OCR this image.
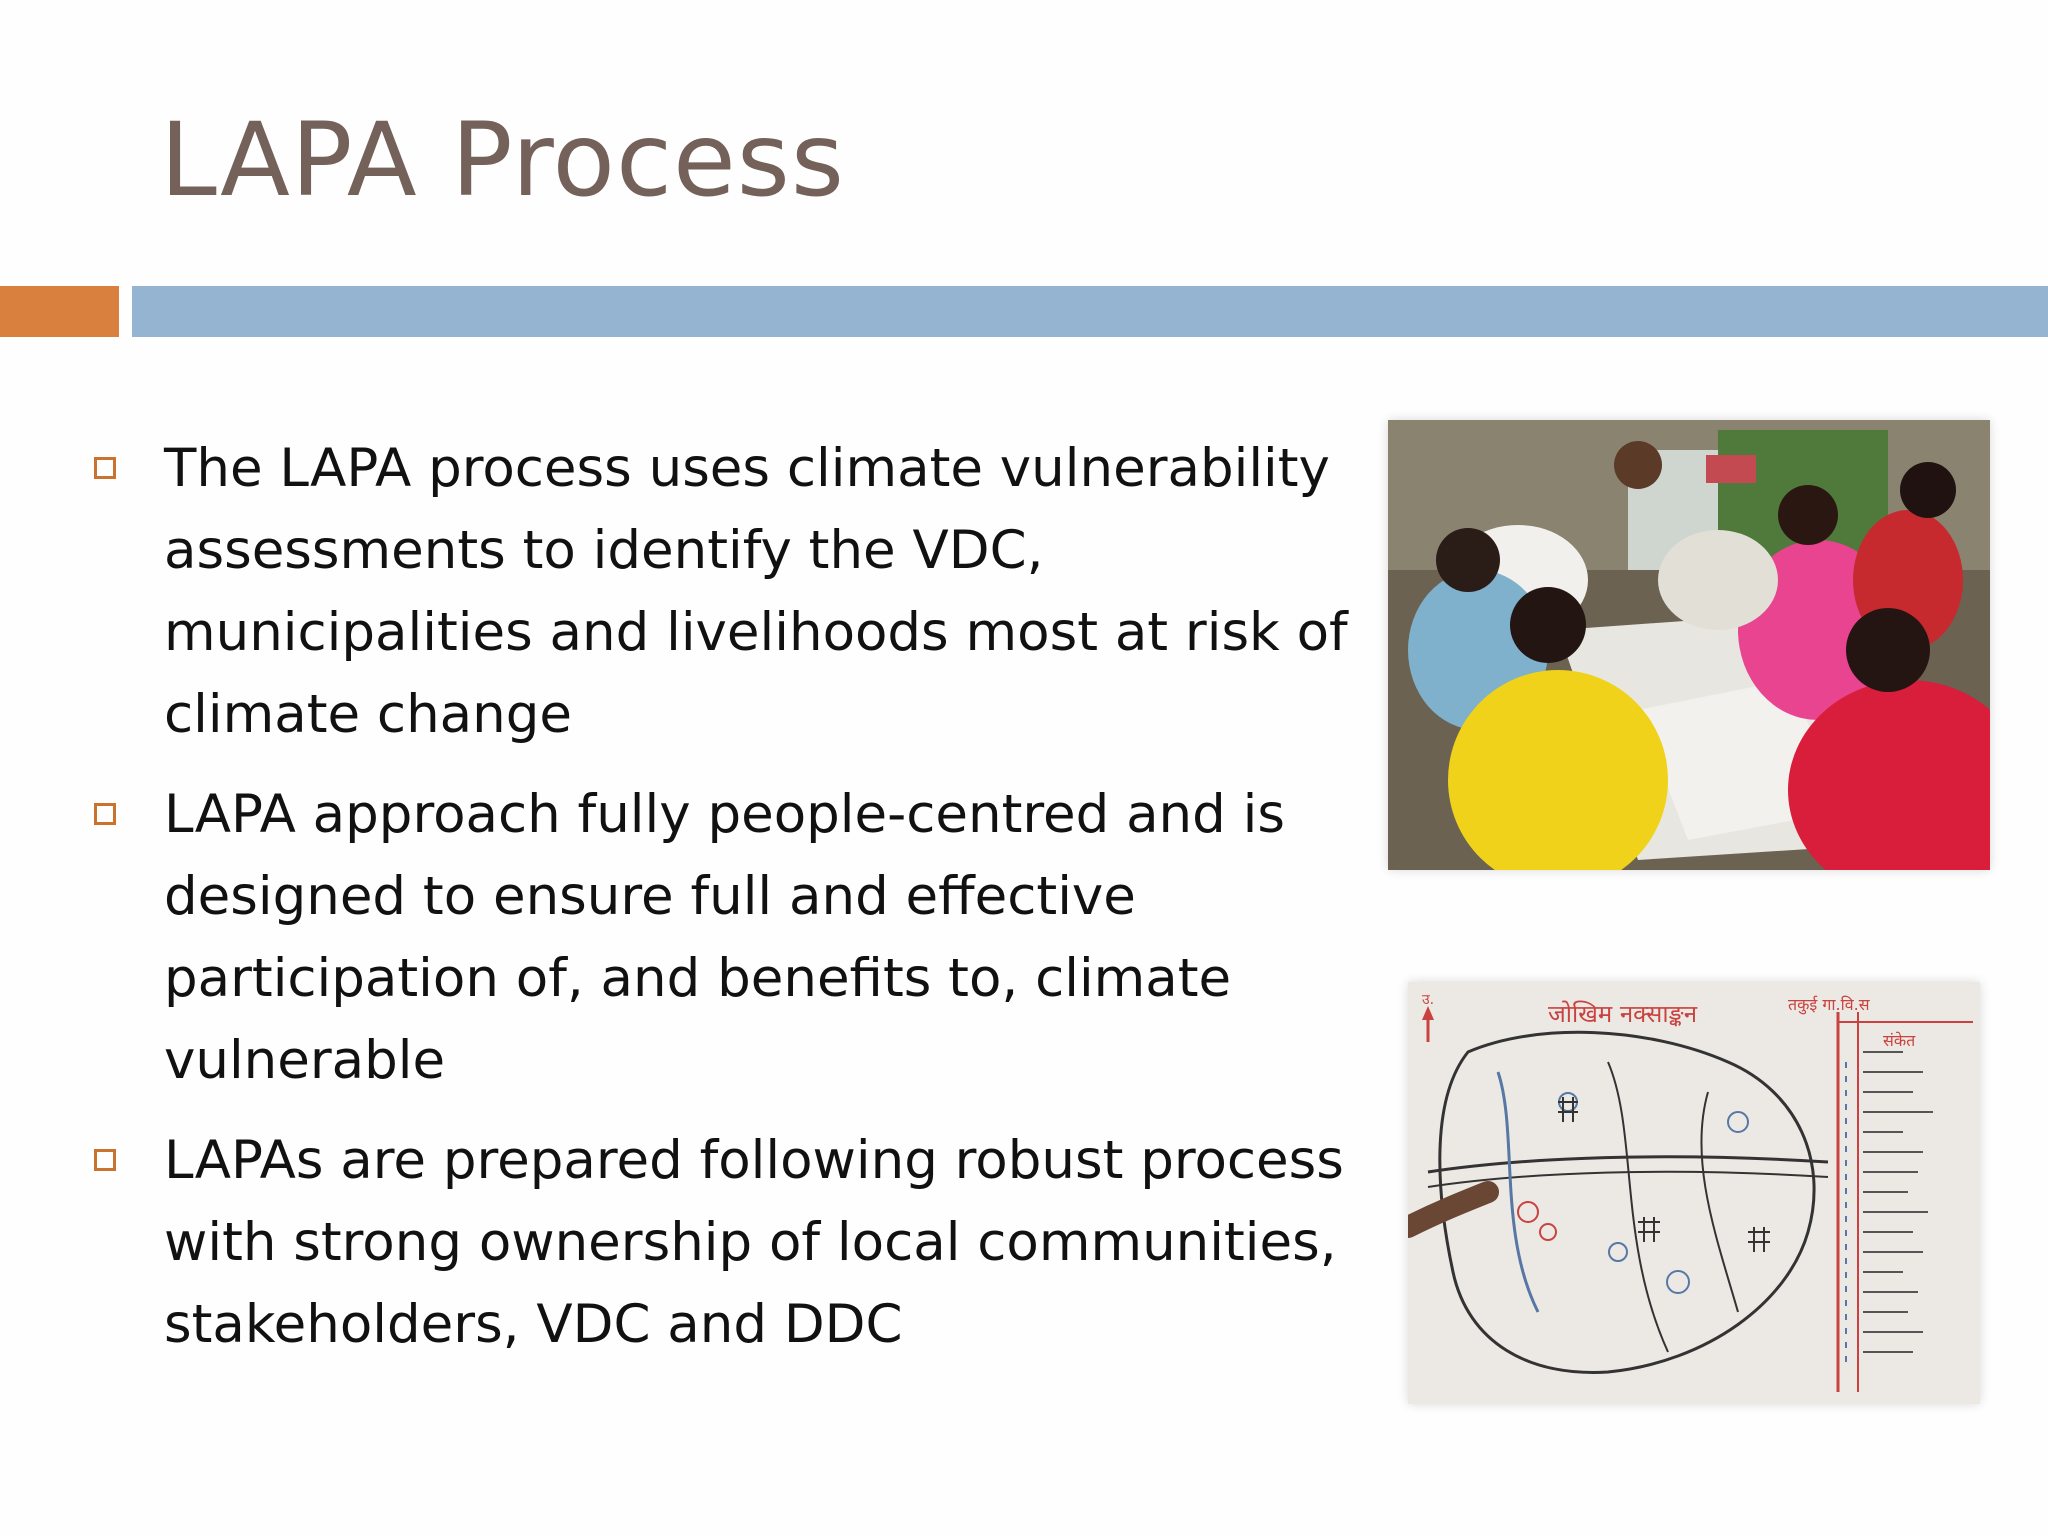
LAPA Process
The LAPA process uses climate vulnerability assessments to identify the VDC, municipalities and livelihoods most at risk of climate change
LAPA approach fully people-centred and is designed to ensure full and effective participation of, and benefits to, climate vulnerable
LAPAs are prepared following robust process with strong ownership of local communities, stakeholders, VDC and DDC
उ.	जोखिम नक्साङ्कन	तकुई गा.वि.स
संकेत
